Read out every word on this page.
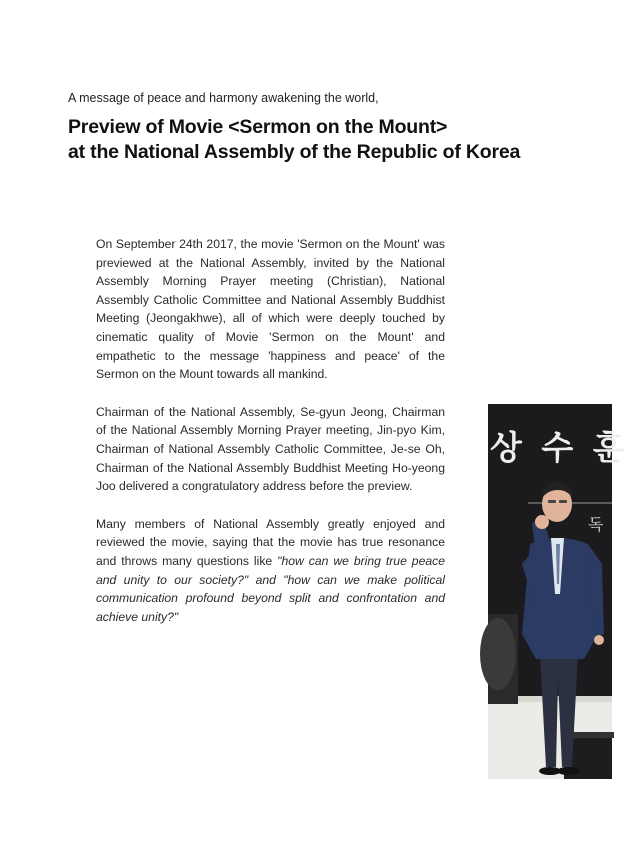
A message of peace and harmony awakening the world,
Preview of Movie <Sermon on the Mount>
at the National Assembly of the Republic of Korea

On September 24th 2017, the movie 'Sermon on the Mount' was previewed at the National Assembly, invited by the National Assembly Morning Prayer meeting (Christian), National Assembly Catholic Committee and National Assembly Buddhist Meeting (Jeongakhwe), all of which were deeply touched by cinematic quality of Movie 'Sermon on the Mount' and empathetic to the message 'happiness and peace' of the Sermon on the Mount towards all mankind.

Chairman of the National Assembly, Se-gyun Jeong, Chairman of the National Assembly Morning Prayer meeting, Jin-pyo Kim, Chairman of National Assembly Catholic Committee, Je-se Oh, Chairman of the National Assembly Buddhist Meeting Ho-yeong Joo delivered a congratulatory address before the preview.

Many members of National Assembly greatly enjoyed and reviewed the movie, saying that the movie has true resonance and throws many questions like "how can we bring true peace and unity to our society?" and "how can we make political communication profound beyond split and confrontation and achieve unity?"

상 수 훈
독
